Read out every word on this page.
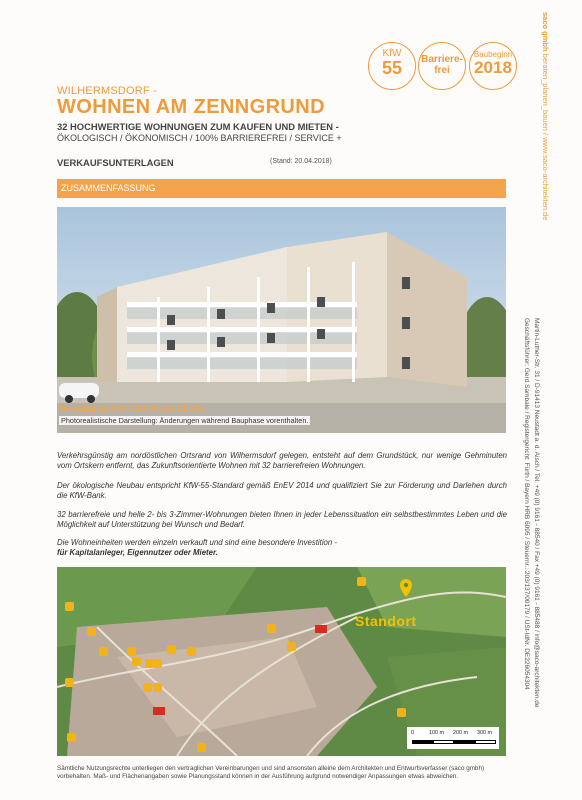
KfW
55	Barriere-
frei
Baubeginn
2018
WILHERMSDORF -
WOHNEN AM ZENNGRUND
32 HOCHWERTIGE WOHNUNGEN ZUM KAUFEN UND MIETEN -
ÖKOLOGISCH / ÖKONOMISCH / 100% BARRIEREFREI / SERVICE +
VERKAUFSUNTERLAGEN	(Stand: 20.04.2018)
ZUSAMMENFASSUNG
Gestaltungsidee Nürnberger Straße
Photorealistische Darstellung: Änderungen während Bauphase vorenthalten.
Verkehrsgünstig am nordöstlichen Ortsrand von Wilhermsdorf gelegen, entsteht auf dem Grundstück, nur wenige Gehminuten vom Ortskern entfernt, das Zukunftsorientierte Wohnen mit 32 barrierefreien Wohnungen.
Der ökologische Neubau entspricht KfW-55-Standard gemäß EnEV 2014 und qualifiziert Sie zur Förderung und Darlehen durch die KfW-Bank.
32 barrierefreie und helle 2- bis 3-Zimmer-Wohnungen bieten Ihnen in jeder Lebenssituation ein selbstbestimmtes Leben und die Möglichkeit auf Unterstützung bei Wunsch und Bedarf.
Die Wohneinheiten werden einzeln verkauft und sind eine besondere Investition -
für Kapitalanleger, Eigennutzer oder Mieter.
Standort
0	100 m 200 m 300 m
Sämtliche Nutzungsrechte unterliegen den vertraglichen Vereinbarungen und sind ansonsten alleine dem Architekten und Entwurfsverfasser (saco gmbh) vorbehalten. Maß- und Flächenangaben sowie Planungsstand können in der Ausführung aufgrund notwendiger Anpassungen etwas abweichen.
saco gmbh beraten_planen_bauen / www.saco-architekten.de
Martin-Luther-Str. 31 / D-91413 Neustadt a. d. Aisch / Tel. +49 (0) 9161 - 88540 / Fax +49 (0) 9161 - 885488 / info@saco-architekten.de
Geschäftsführer: Gerd Sambale / Registergericht: Fürth / Bayern HRB 6095 / Steuernr.: 203/137/00179 / USt-IdNr. DE226054304
